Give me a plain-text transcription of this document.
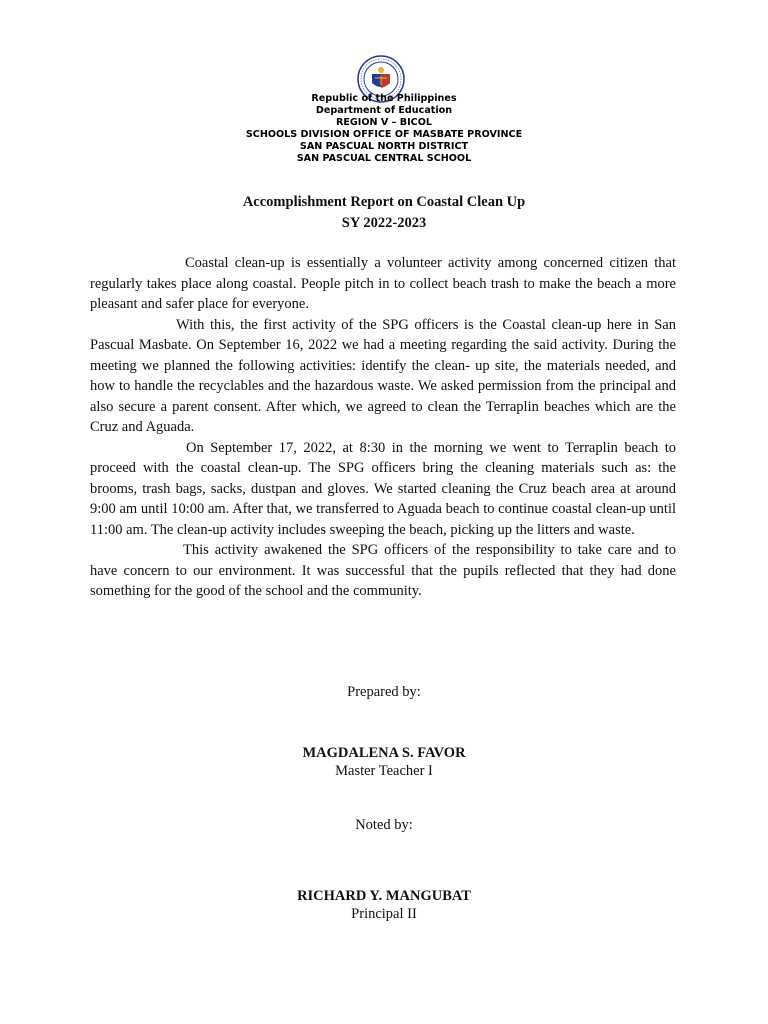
Republic of the Philippines
Department of Education
REGION V – BICOL
SCHOOLS DIVISION OFFICE OF MASBATE PROVINCE
SAN PASCUAL NORTH DISTRICT
SAN PASCUAL CENTRAL SCHOOL
Accomplishment Report on Coastal Clean Up
SY 2022-2023

Coastal clean-up is essentially a volunteer activity among concerned citizen that regularly takes place along coastal. People pitch in to collect beach trash to make the beach a more pleasant and safer place for everyone.

With this, the first activity of the SPG officers is the Coastal clean-up here in San Pascual Masbate. On September 16, 2022 we had a meeting regarding the said activity. During the meeting we planned the following activities: identify the clean- up site, the materials needed, and how to handle the recyclables and the hazardous waste. We asked permission from the principal and also secure a parent consent. After which, we agreed to clean the Terraplin beaches which are the Cruz and Aguada.

On September 17, 2022, at 8:30 in the morning we went to Terraplin beach to proceed with the coastal clean-up. The SPG officers bring the cleaning materials such as: the brooms, trash bags, sacks, dustpan and gloves. We started cleaning the Cruz beach area at around 9:00 am until 10:00 am. After that, we transferred to Aguada beach to continue coastal clean-up until 11:00 am. The clean-up activity includes sweeping the beach, picking up the litters and waste.

This activity awakened the SPG officers of the responsibility to take care and to have concern to our environment. It was successful that the pupils reflected that they had done something for the good of the school and the community.

Prepared by:
MAGDALENA S. FAVOR
Master Teacher I
Noted by:
RICHARD Y. MANGUBAT
Principal II
